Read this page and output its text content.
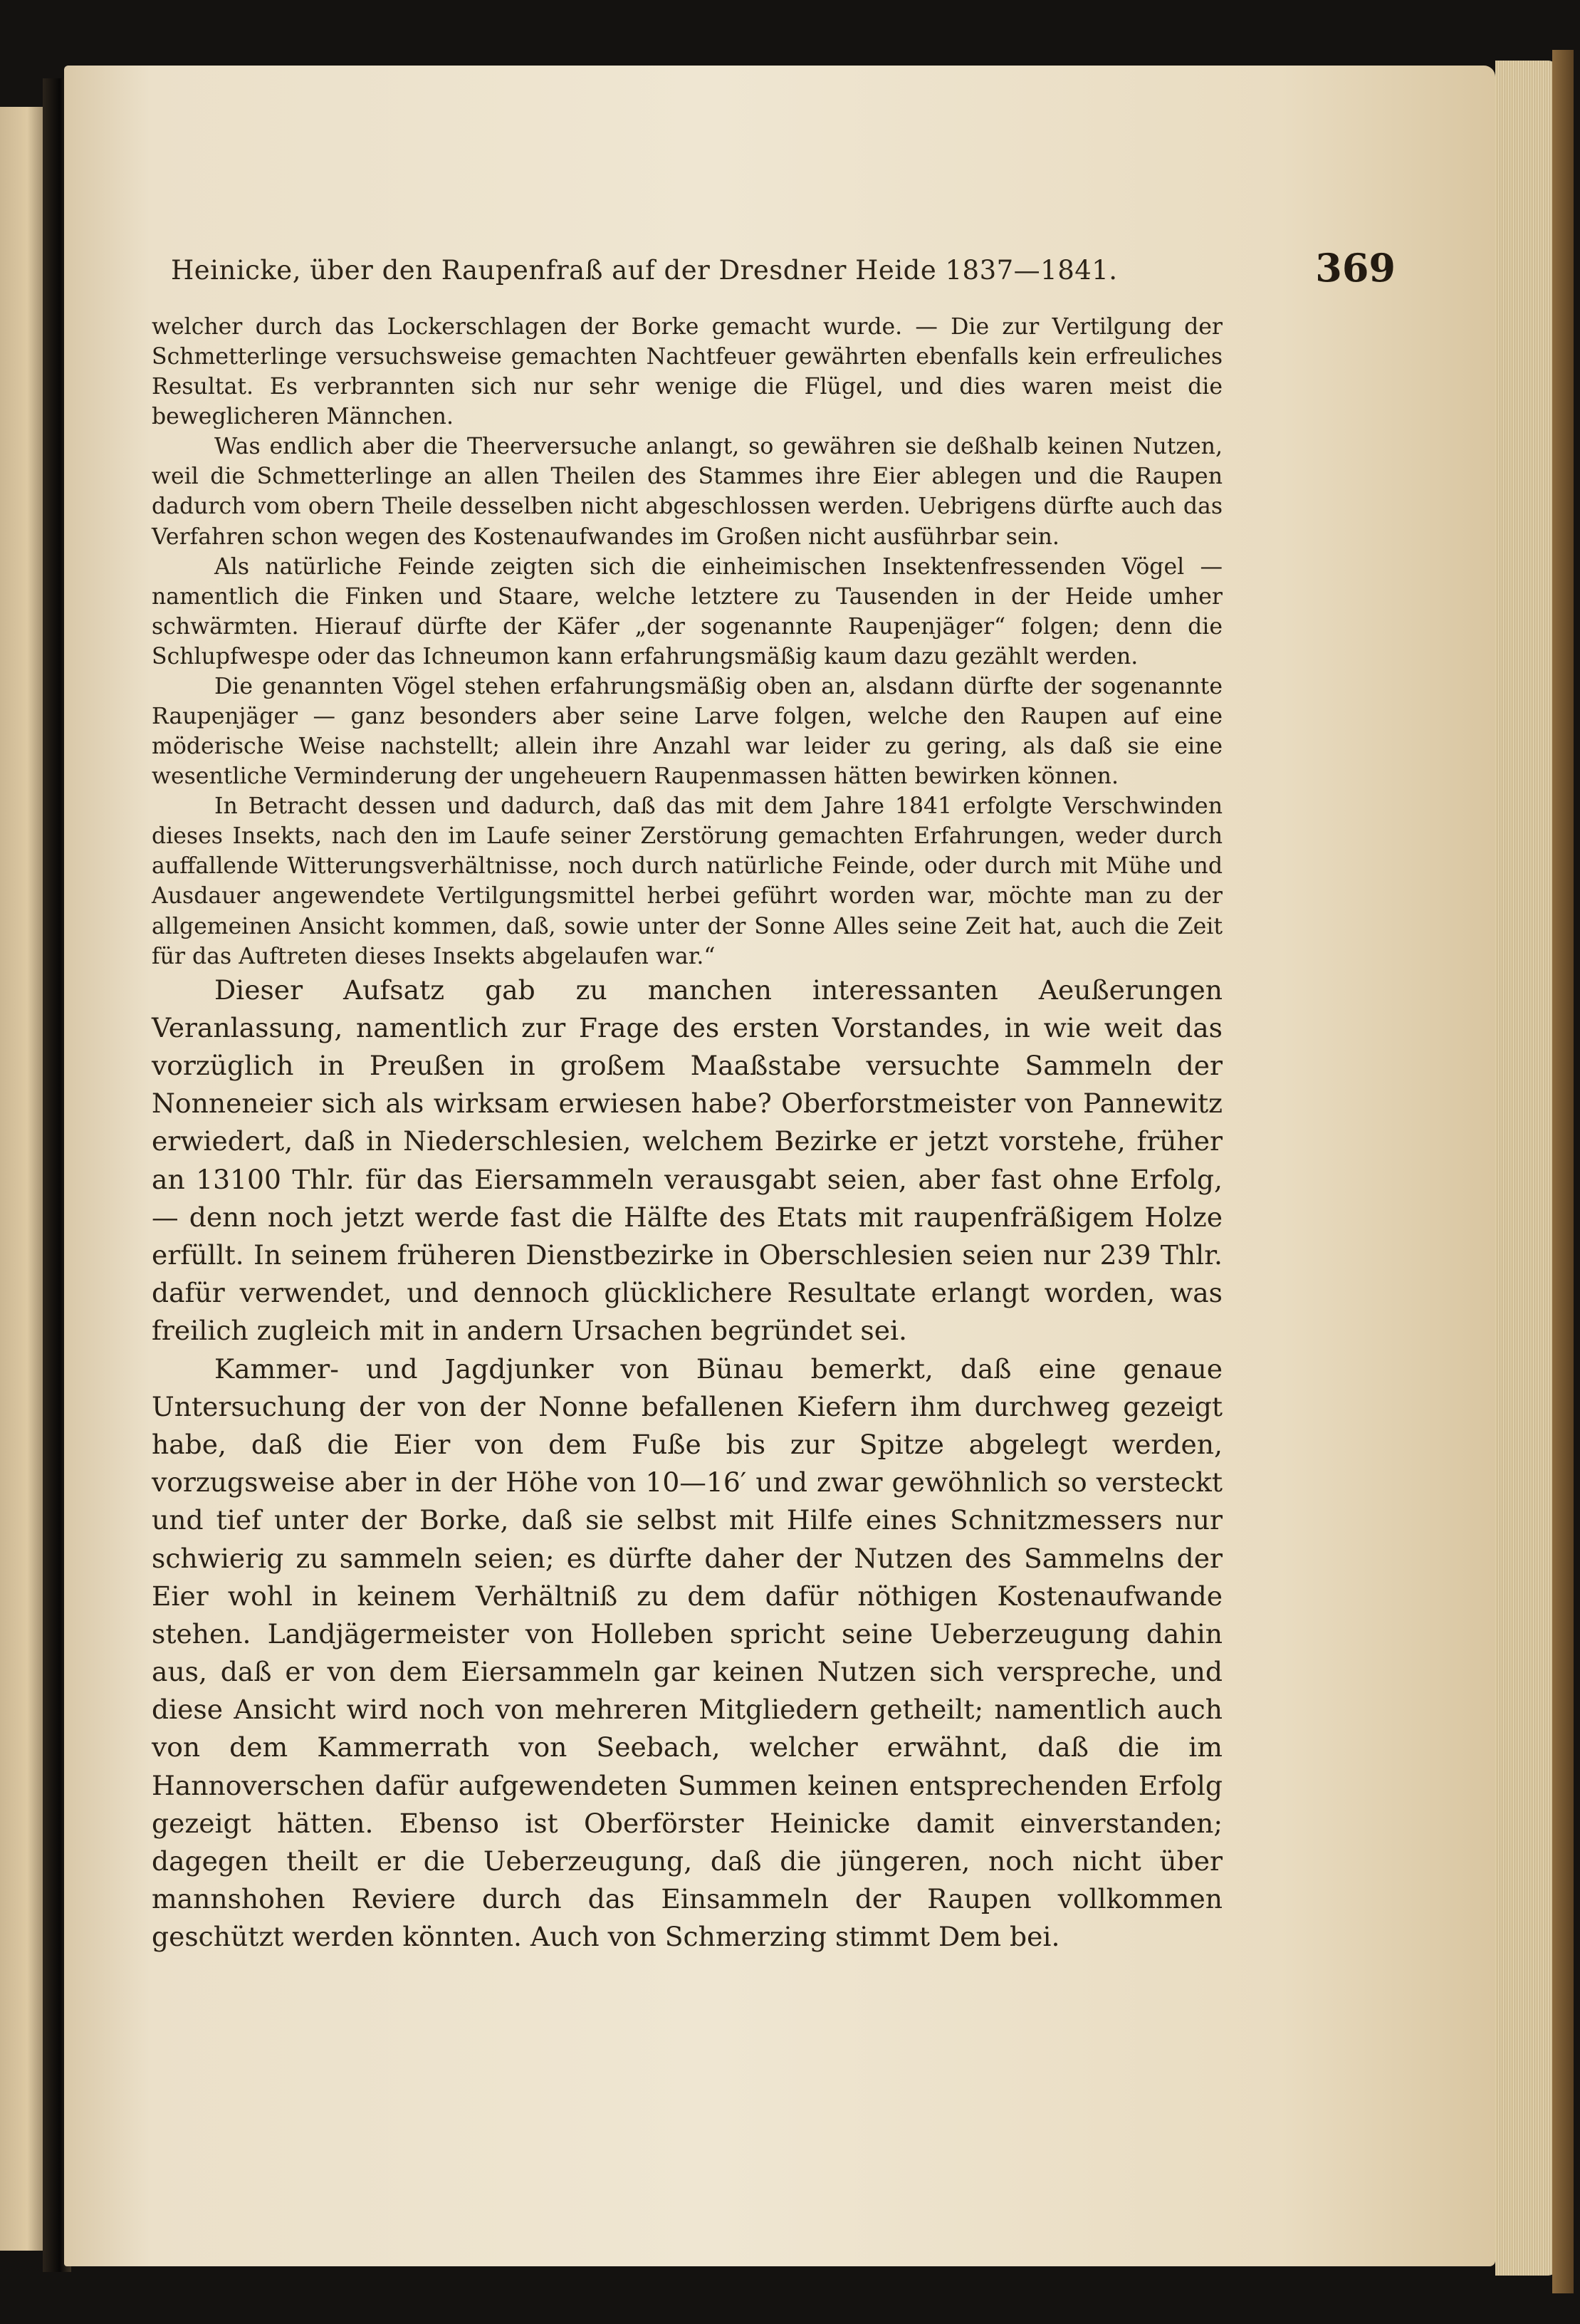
Heinicke, über den Raupenfraß auf der Dresdner Heide 1837—1841.	369

welcher durch das Lockerschlagen der Borke gemacht wurde. — Die zur Vertilgung der Schmetterlinge versuchsweise gemachten Nachtfeuer gewährten ebenfalls kein erfreuliches Resultat. Es verbrannten sich nur sehr wenige die Flügel, und dies waren meist die beweglicheren Männchen.

Was endlich aber die Theerversuche anlangt, so gewähren sie deßhalb keinen Nutzen, weil die Schmetterlinge an allen Theilen des Stammes ihre Eier ablegen und die Raupen dadurch vom obern Theile desselben nicht abgeschlossen werden. Uebrigens dürfte auch das Verfahren schon wegen des Kostenaufwandes im Großen nicht ausführbar sein.

Als natürliche Feinde zeigten sich die einheimischen Insektenfressenden Vögel — namentlich die Finken und Staare, welche letztere zu Tausenden in der Heide umher schwärmten. Hierauf dürfte der Käfer „der sogenannte Raupenjäger“ folgen; denn die Schlupfwespe oder das Ichneumon kann erfahrungsmäßig kaum dazu gezählt werden.

Die genannten Vögel stehen erfahrungsmäßig oben an, alsdann dürfte der sogenannte Raupenjäger — ganz besonders aber seine Larve folgen, welche den Raupen auf eine möderische Weise nachstellt; allein ihre Anzahl war leider zu gering, als daß sie eine wesentliche Verminderung der ungeheuern Raupenmassen hätten bewirken können.

In Betracht dessen und dadurch, daß das mit dem Jahre 1841 erfolgte Verschwinden dieses Insekts, nach den im Laufe seiner Zerstörung gemachten Erfahrungen, weder durch auffallende Witterungsverhältnisse, noch durch natürliche Feinde, oder durch mit Mühe und Ausdauer angewendete Vertilgungsmittel herbei geführt worden war, möchte man zu der allgemeinen Ansicht kommen, daß, sowie unter der Sonne Alles seine Zeit hat, auch die Zeit für das Auftreten dieses Insekts abgelaufen war.“

Dieser Aufsatz gab zu manchen interessanten Aeußerungen Veranlassung, namentlich zur Frage des ersten Vorstandes, in wie weit das vorzüglich in Preußen in großem Maaßstabe versuchte Sammeln der Nonneneier sich als wirksam erwiesen habe? Oberforstmeister von Pannewitz erwiedert, daß in Niederschlesien, welchem Bezirke er jetzt vorstehe, früher an 13100 Thlr. für das Eiersammeln verausgabt seien, aber fast ohne Erfolg, — denn noch jetzt werde fast die Hälfte des Etats mit raupenfräßigem Holze erfüllt. In seinem früheren Dienstbezirke in Oberschlesien seien nur 239 Thlr. dafür verwendet, und dennoch glücklichere Resultate erlangt worden, was freilich zugleich mit in andern Ursachen begründet sei.

Kammer- und Jagdjunker von Bünau bemerkt, daß eine genaue Untersuchung der von der Nonne befallenen Kiefern ihm durchweg gezeigt habe, daß die Eier von dem Fuße bis zur Spitze abgelegt werden, vorzugsweise aber in der Höhe von 10—16′ und zwar gewöhnlich so versteckt und tief unter der Borke, daß sie selbst mit Hilfe eines Schnitzmessers nur schwierig zu sammeln seien; es dürfte daher der Nutzen des Sammelns der Eier wohl in keinem Verhältniß zu dem dafür nöthigen Kostenaufwande stehen. Landjägermeister von Holleben spricht seine Ueberzeugung dahin aus, daß er von dem Eiersammeln gar keinen Nutzen sich verspreche, und diese Ansicht wird noch von mehreren Mitgliedern getheilt; namentlich auch von dem Kammerrath von Seebach, welcher erwähnt, daß die im Hannoverschen dafür aufgewendeten Summen keinen entsprechenden Erfolg gezeigt hätten. Ebenso ist Oberförster Heinicke damit einverstanden; dagegen theilt er die Ueberzeugung, daß die jüngeren, noch nicht über mannshohen Reviere durch das Einsammeln der Raupen vollkommen geschützt werden könnten. Auch von Schmerzing stimmt Dem bei.
